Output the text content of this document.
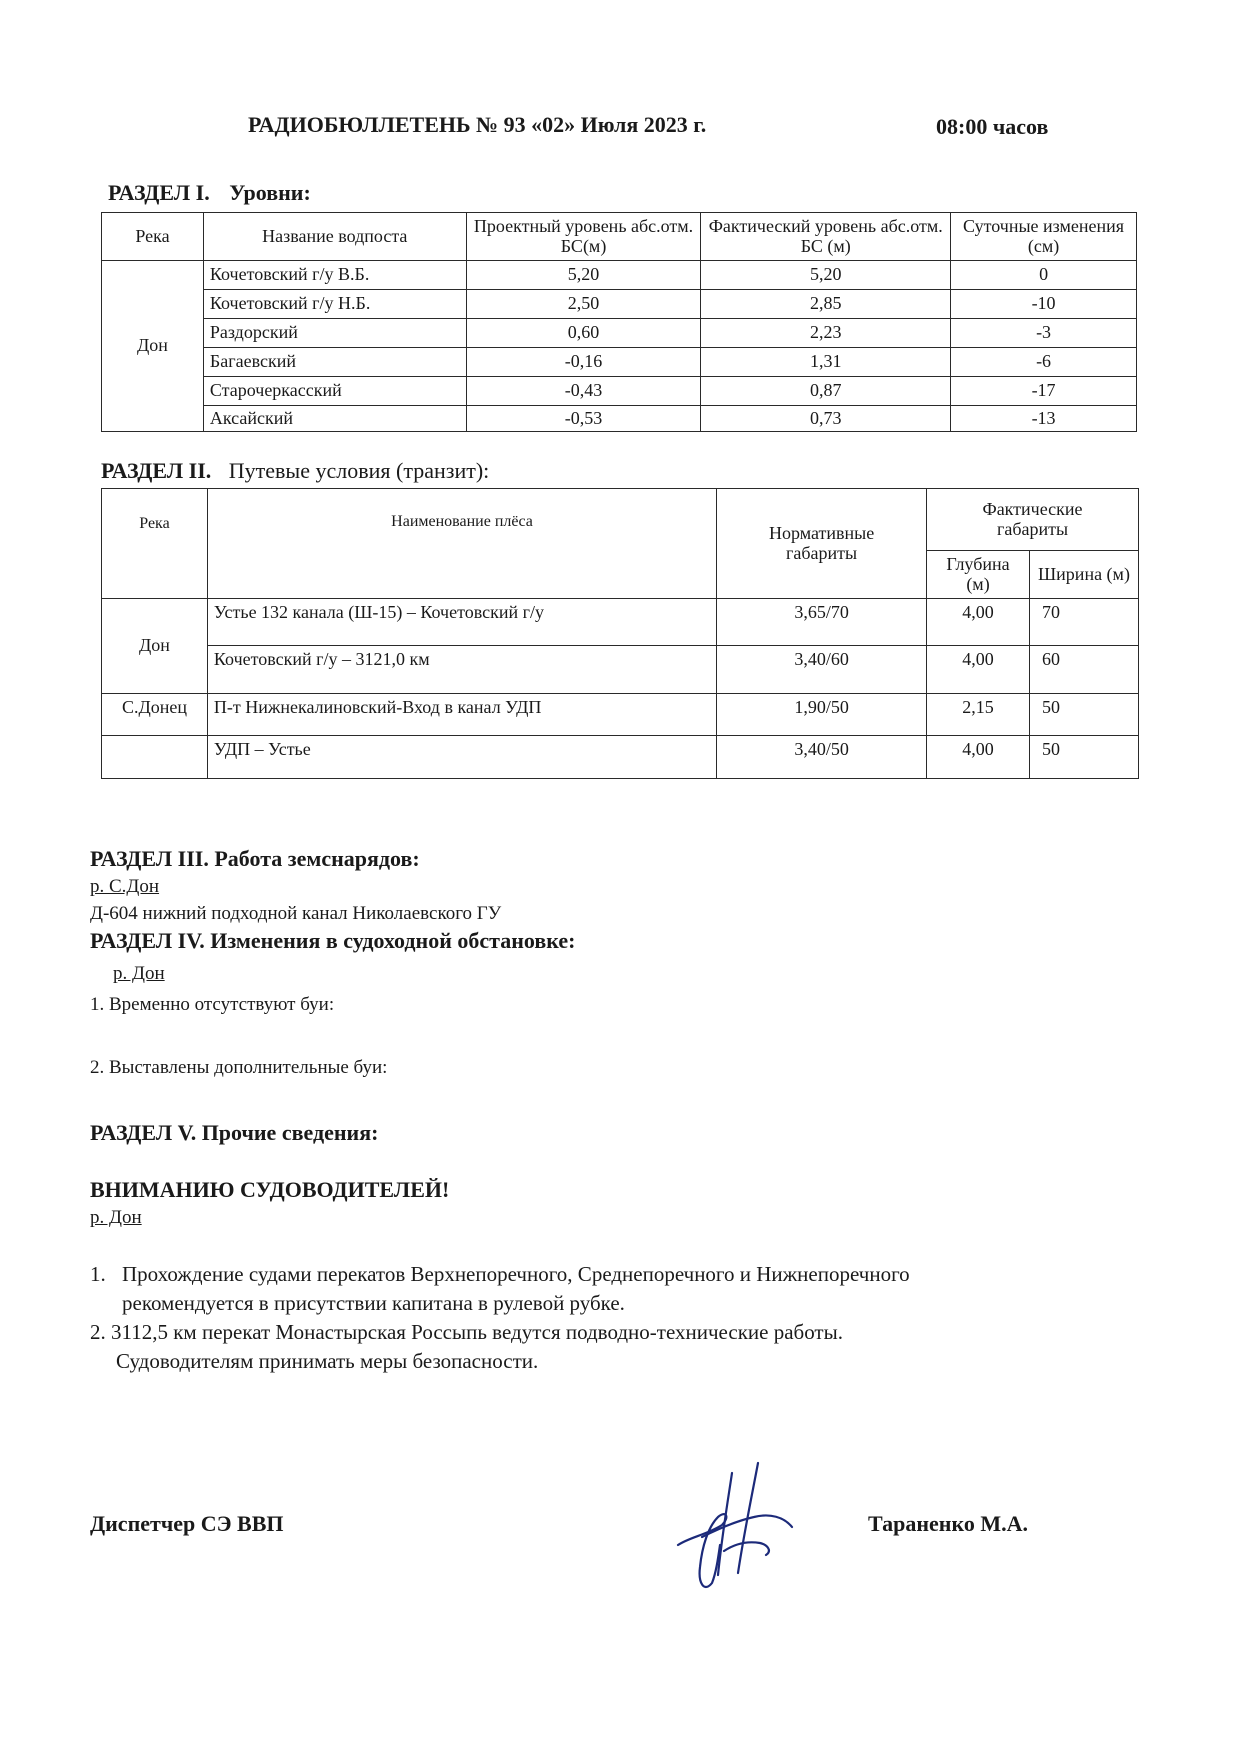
РАДИОБЮЛЛЕТЕНЬ № 93 «02» Июля 2023 г.	08:00 часов
РАЗДЕЛ I. Уровни:
Река	Название водпоста	Проектный уровень абс.отм. БС(м)	Фактический уровень абс.отм. БС (м)	Суточные изменения (см)
Дон	Кочетовский г/у В.Б.	5,20	5,20	0
	Кочетовский г/у Н.Б.	2,50	2,85	-10
	Раздорский	0,60	2,23	-3
	Багаевский	-0,16	1,31	-6
	Старочеркасский	-0,43	0,87	-17
	Аксайский	-0,53	0,73	-13
РАЗДЕЛ II. Путевые условия (транзит):
Река	Наименование плёса	Нормативные габариты	Фактические габариты	
			Глубина (м)	Ширина (м)
Дон	Устье 132 канала (Ш-15) – Кочетовский г/у	3,65/70	4,00	70
	Кочетовский г/у – 3121,0 км	3,40/60	4,00	60
С.Донец	П-т Нижнекалиновский-Вход в канал УДП	1,90/50	2,15	50
	УДП – Устье	3,40/50	4,00	50
РАЗДЕЛ III. Работа земснарядов:
р. С.Дон
Д-604 нижний подходной канал Николаевского ГУ
РАЗДЕЛ IV. Изменения в судоходной обстановке:
р. Дон
1. Временно отсутствуют буи:
2. Выставлены дополнительные буи:
РАЗДЕЛ V. Прочие сведения:
ВНИМАНИЮ СУДОВОДИТЕЛЕЙ!
р. Дон
1. Прохождение судами перекатов Верхнепоречного, Среднепоречного и Нижнепоречного
рекомендуется в присутствии капитана в рулевой рубке.
2. 3112,5 км перекат Монастырская Россыпь ведутся подводно-технические работы.
Судоводителям принимать меры безопасности.
Диспетчер СЭ ВВП	Тараненко М.А.
